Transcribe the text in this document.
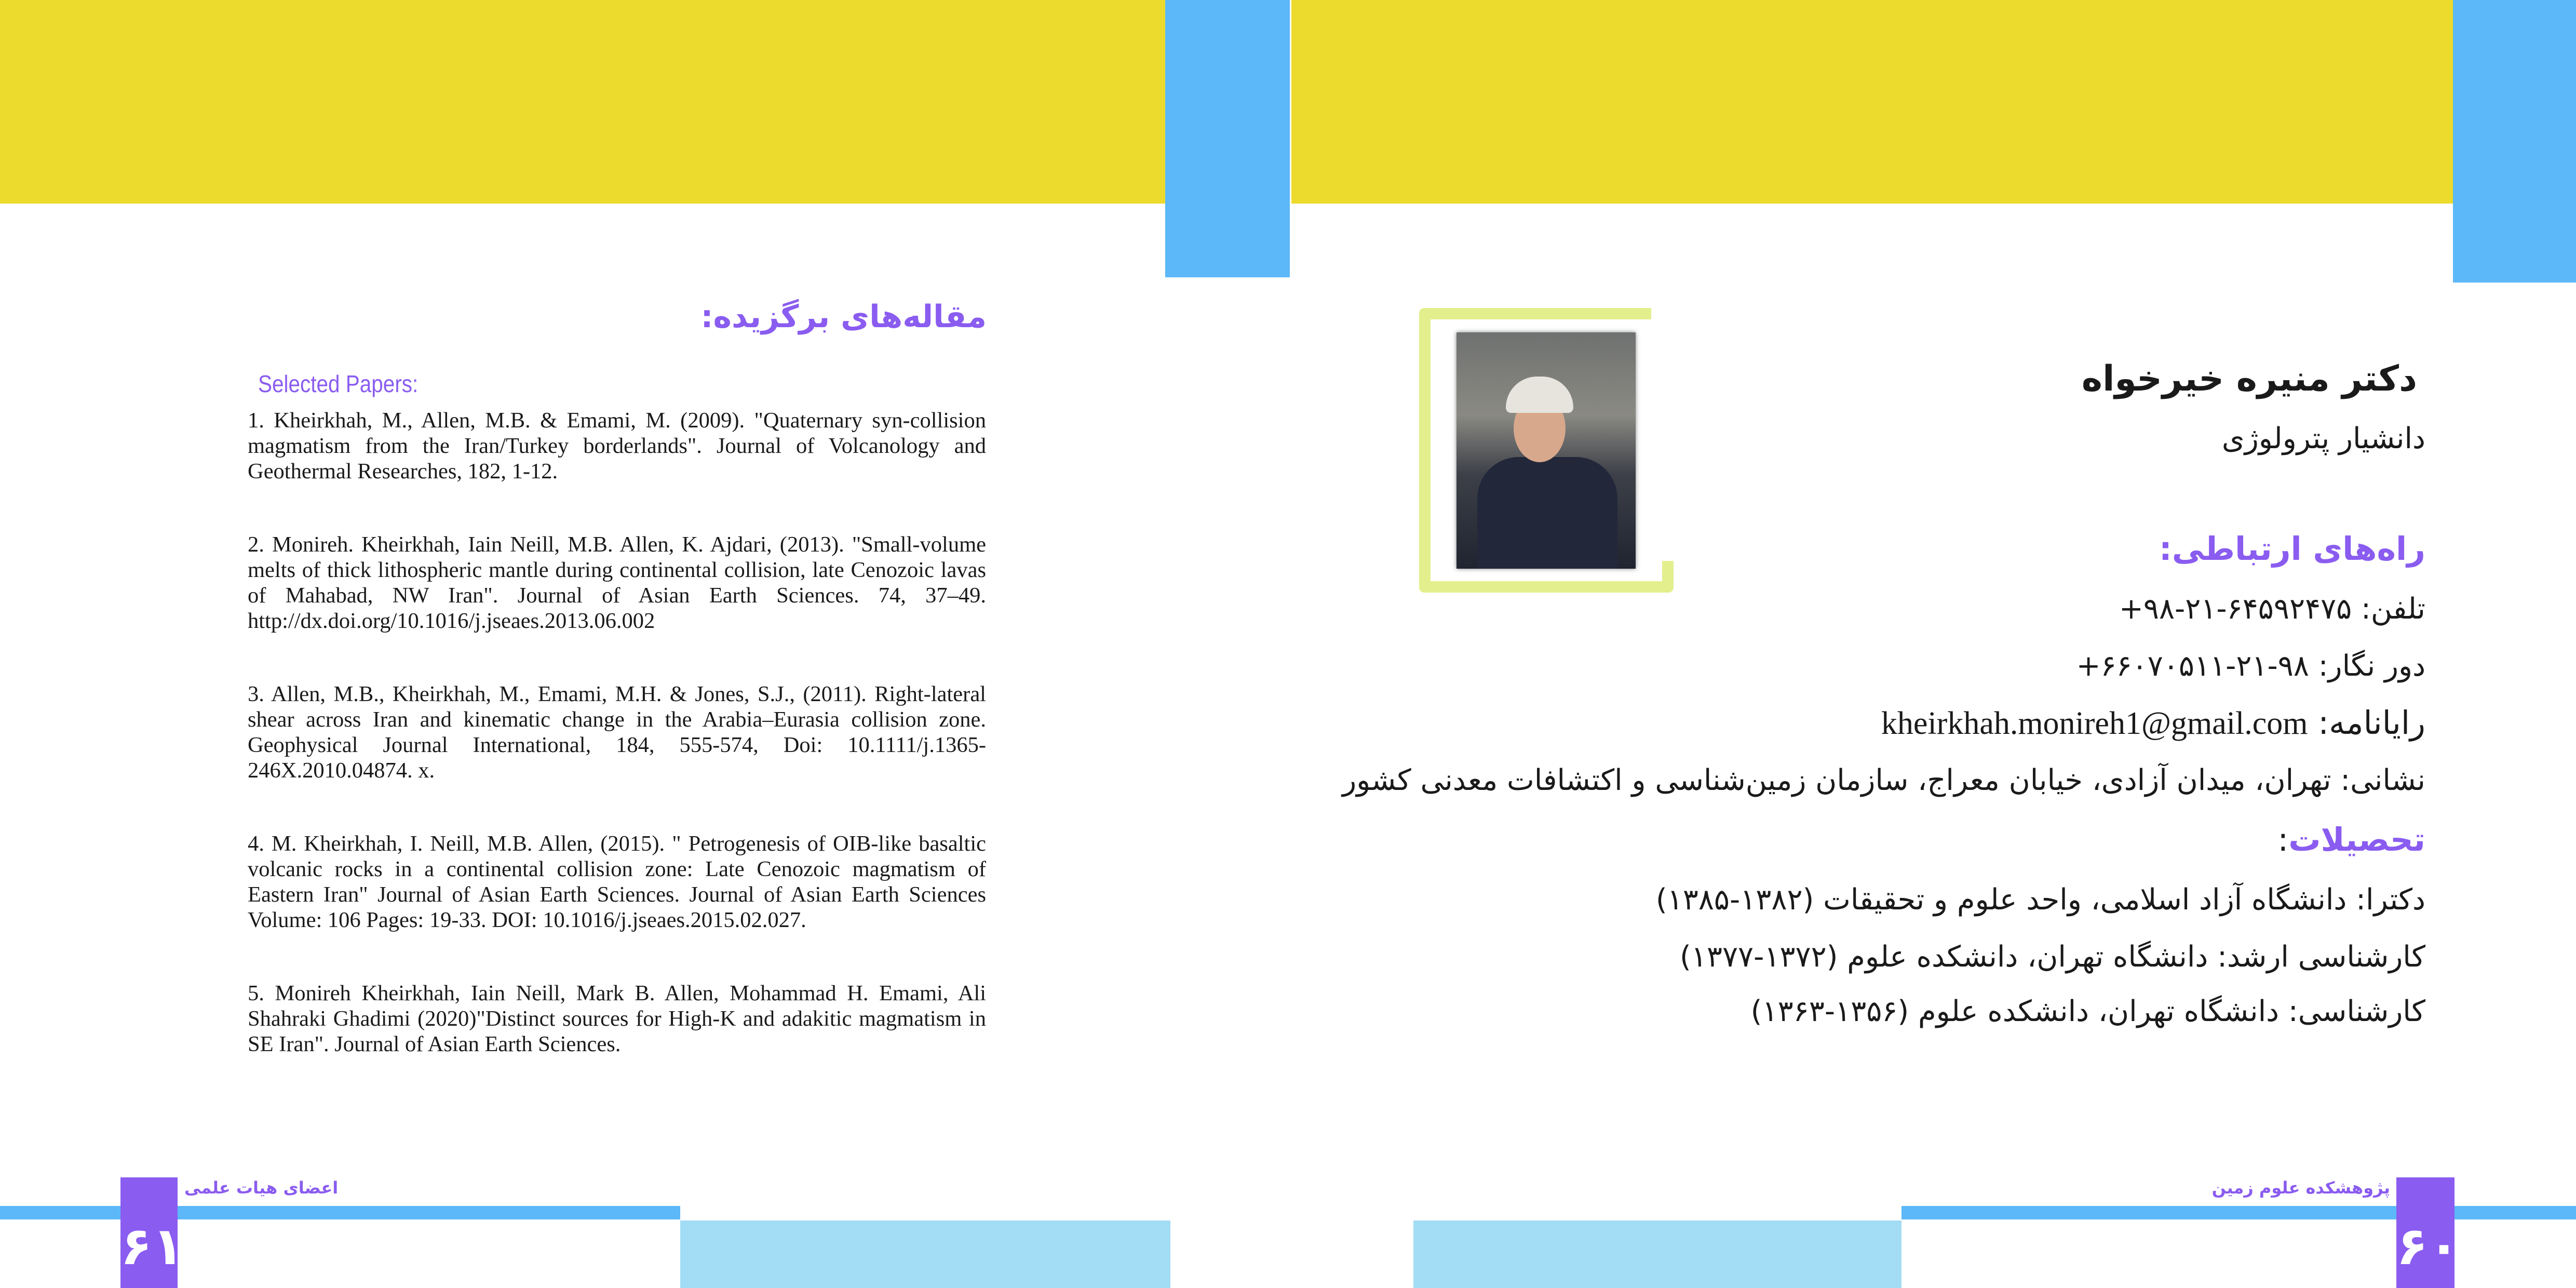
مقاله‌های برگزیده:
Selected Papers:

1. Kheirkhah, M., Allen, M.B. & Emami, M. (2009). "Quaternary syn-collision magmatism from the Iran/Turkey borderlands". Journal of Volcanology and Geothermal Researches, 182, 1-12.

2. Monireh. Kheirkhah, Iain Neill, M.B. Allen, K. Ajdari, (2013). "Small-volume melts of thick lithospheric mantle during continental collision, late Cenozoic lavas of Mahabad, NW Iran". Journal of Asian Earth Sciences. 74, 37–49. http://dx.doi.org/10.1016/j.jseaes.2013.06.002

3. Allen, M.B., Kheirkhah, M., Emami, M.H. & Jones, S.J., (2011). Right-lateral shear across Iran and kinematic change in the Arabia–Eurasia collision zone. Geophysical Journal International, 184, 555-574, Doi: 10.1111/j.1365-246X.2010.04874. x.

4. M. Kheirkhah, I. Neill, M.B. Allen, (2015). " Petrogenesis of OIB-like basaltic volcanic rocks in a continental collision zone: Late Cenozoic magmatism of Eastern Iran" Journal of Asian Earth Sciences. Journal of Asian Earth Sciences Volume: 106 Pages: 19-33. DOI: 10.1016/j.jseaes.2015.02.027.

5. Monireh Kheirkhah, Iain Neill, Mark B. Allen, Mohammad H. Emami, Ali Shahraki Ghadimi (2020)"Distinct sources for High-K and adakitic magmatism in SE Iran". Journal of Asian Earth Sciences.

دکتر منیره خیرخواه
دانشیار پترولوژی
راه‌های ارتباطی:
تلفن: ۶۴۵۹۲۴۷۵-۲۱-۹۸+
دور نگار: ۹۸-۲۱-۶۶۰۷۰۵۱۱+
رایانامه: kheirkhah.monireh1@gmail.com
نشانی: تهران، میدان آزادی، خیابان معراج، سازمان زمین‌شناسی و اکتشافات معدنی کشور
تحصیلات:
دکترا: دانشگاه آزاد اسلامی، واحد علوم و تحقیقات (۱۳۸۲-۱۳۸۵)
کارشناسی ارشد: دانشگاه تهران، دانشکده علوم (۱۳۷۲-۱۳۷۷)
کارشناسی: دانشگاه تهران، دانشکده علوم (۱۳۵۶-۱۳۶۳)
اعضای هیات علمی	پژوهشکده علوم زمین
۶۱	۶۰
